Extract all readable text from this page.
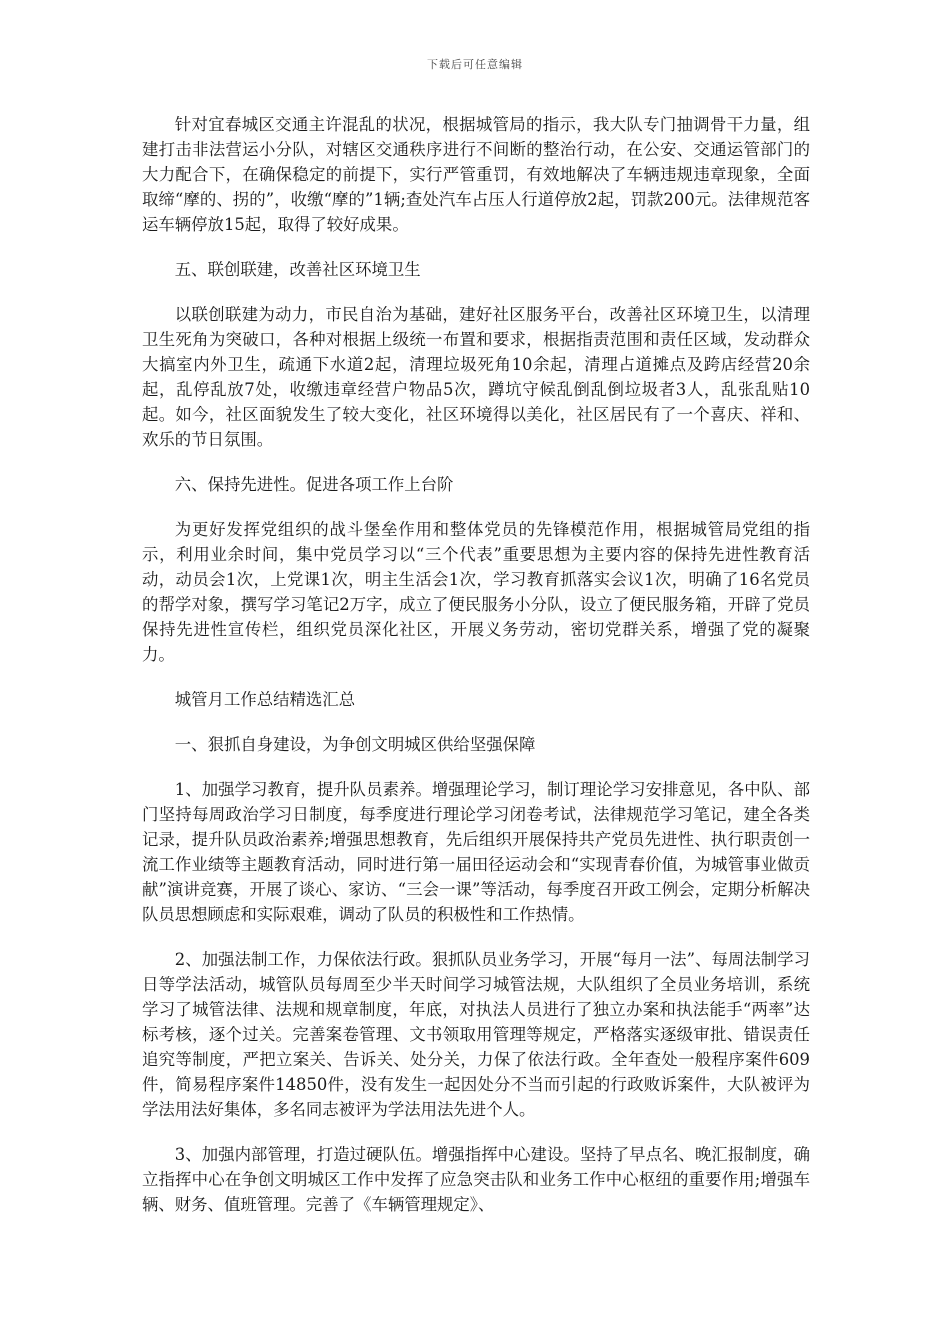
下载后可任意编辑

针对宜春城区交通主许混乱的状况，根据城管局的指示，我大队专门抽调骨干力量，组建打击非法营运小分队，对辖区交通秩序进行不间断的整治行动，在公安、交通运管部门的大力配合下，在确保稳定的前提下，实行严管重罚，有效地解决了车辆违规违章现象，全面取缔“摩的、拐的”，收缴“摩的”1辆;查处汽车占压人行道停放2起，罚款200元。法律规范客运车辆停放15起，取得了较好成果。

五、联创联建，改善社区环境卫生

以联创联建为动力，市民自治为基础，建好社区服务平台，改善社区环境卫生，以清理卫生死角为突破口，各种对根据上级统一布置和要求，根据指责范围和责任区域，发动群众大搞室内外卫生，疏通下水道2起，清理垃圾死角10余起，清理占道摊点及跨店经营20余起，乱停乱放7处，收缴违章经营户物品5次，蹲坑守候乱倒乱倒垃圾者3人，乱张乱贴10起。如今，社区面貌发生了较大变化，社区环境得以美化，社区居民有了一个喜庆、祥和、欢乐的节日氛围。

六、保持先进性。促进各项工作上台阶

为更好发挥党组织的战斗堡垒作用和整体党员的先锋模范作用，根据城管局党组的指示，利用业余时间，集中党员学习以“三个代表”重要思想为主要内容的保持先进性教育活动，动员会1次，上党课1次，明主生活会1次，学习教育抓落实会议1次，明确了16名党员的帮学对象，撰写学习笔记2万字，成立了便民服务小分队，设立了便民服务箱，开辟了党员保持先进性宣传栏，组织党员深化社区，开展义务劳动，密切党群关系，增强了党的凝聚力。

城管月工作总结精选汇总

一、狠抓自身建设，为争创文明城区供给坚强保障

1、加强学习教育，提升队员素养。增强理论学习，制订理论学习安排意见，各中队、部门坚持每周政治学习日制度，每季度进行理论学习闭卷考试，法律规范学习笔记，建全各类记录，提升队员政治素养;增强思想教育，先后组织开展保持共产党员先进性、执行职责创一流工作业绩等主题教育活动，同时进行第一届田径运动会和“实现青春价值，为城管事业做贡献”演讲竞赛，开展了谈心、家访、“三会一课”等活动，每季度召开政工例会，定期分析解决队员思想顾虑和实际艰难，调动了队员的积极性和工作热情。

2、加强法制工作，力保依法行政。狠抓队员业务学习，开展“每月一法”、每周法制学习日等学法活动，城管队员每周至少半天时间学习城管法规，大队组织了全员业务培训，系统学习了城管法律、法规和规章制度，年底，对执法人员进行了独立办案和执法能手“两率”达标考核，逐个过关。完善案卷管理、文书领取用管理等规定，严格落实逐级审批、错误责任追究等制度，严把立案关、告诉关、处分关，力保了依法行政。全年查处一般程序案件609件，简易程序案件14850件，没有发生一起因处分不当而引起的行政败诉案件，大队被评为学法用法好集体，多名同志被评为学法用法先进个人。

3、加强内部管理，打造过硬队伍。增强指挥中心建设。坚持了早点名、晚汇报制度，确立指挥中心在争创文明城区工作中发挥了应急突击队和业务工作中心枢纽的重要作用;增强车辆、财务、值班管理。完善了《车辆管理规定》、
